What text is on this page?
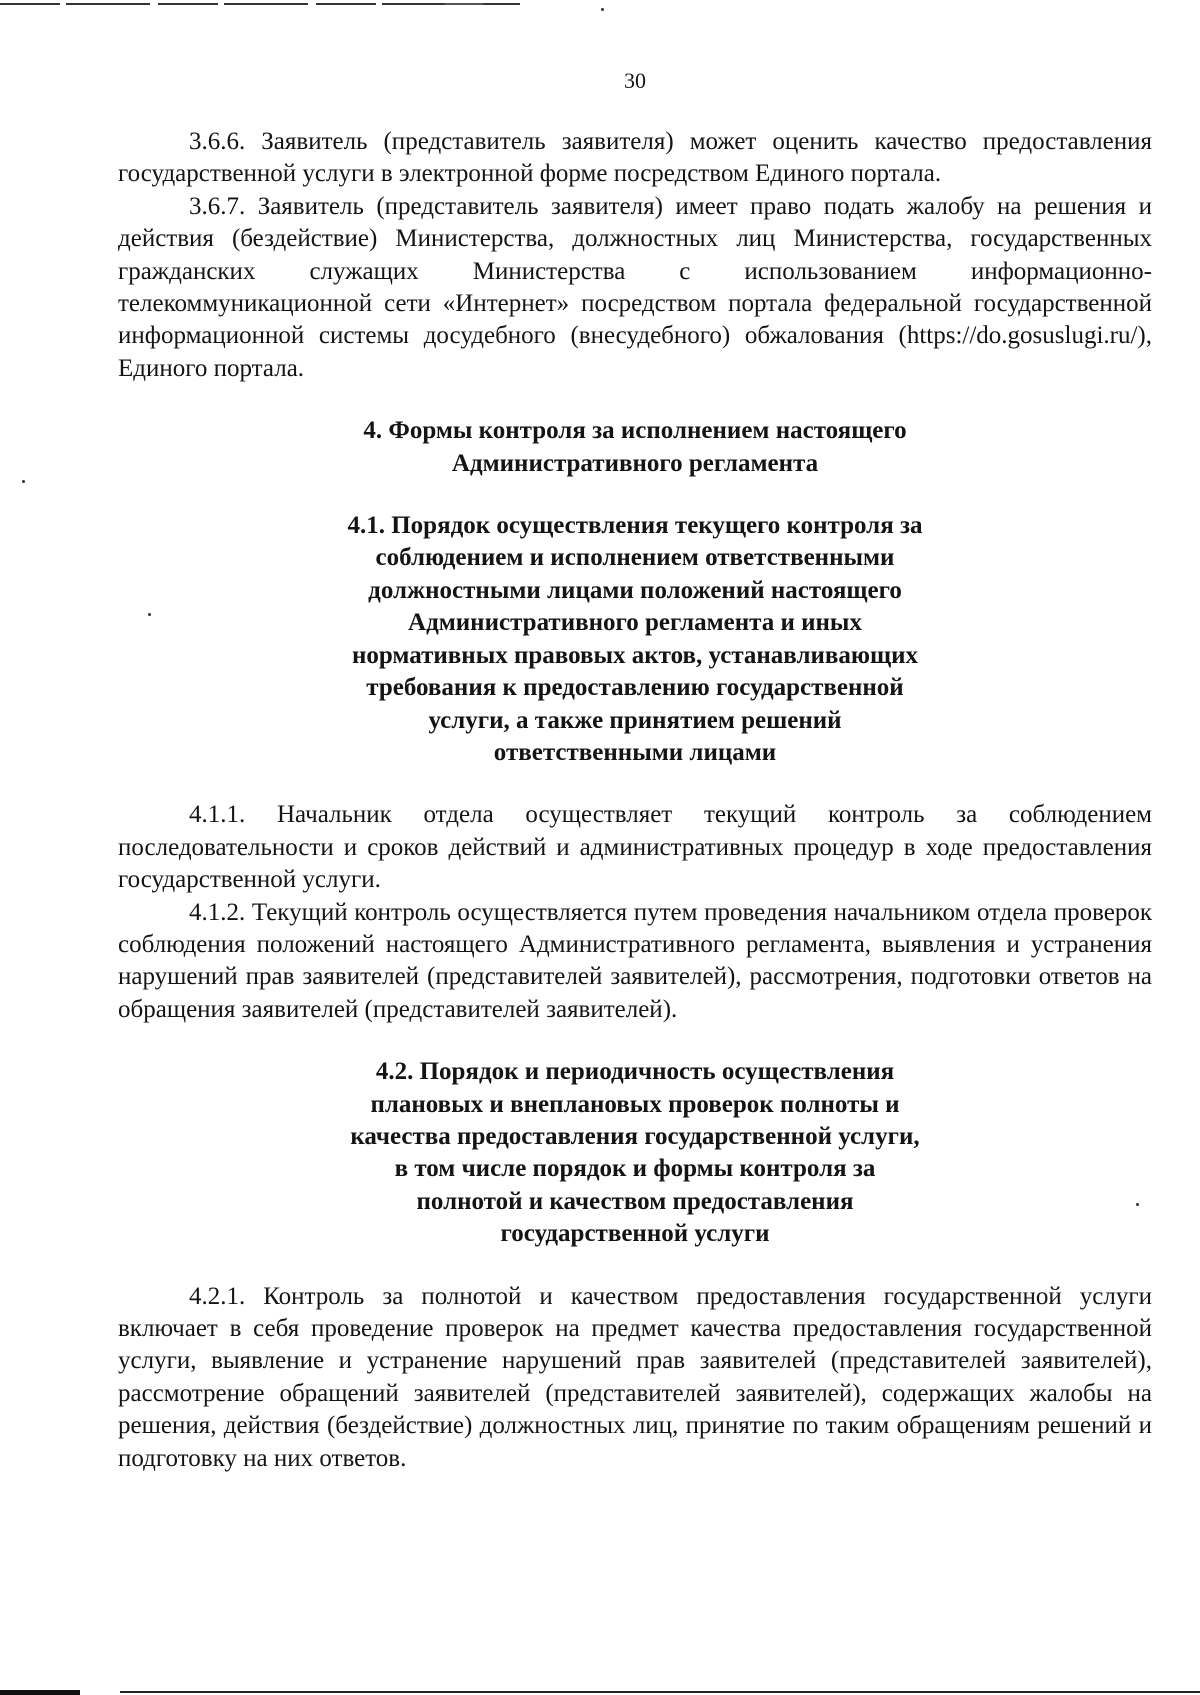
30

3.6.6. Заявитель (представитель заявителя) может оценить качество предоставления государственной услуги в электронной форме посредством Единого портала.

3.6.7. Заявитель (представитель заявителя) имеет право подать жалобу на решения и действия (бездействие) Министерства, должностных лиц Министерства, государственных гражданских служащих Министерства с использованием информационно-телекоммуникационной сети «Интернет» посредством портала федеральной государственной информационной системы досудебного (внесудебного) обжалования (https://do.gosuslugi.ru/), Единого портала.

4. Формы контроля за исполнением настоящего
Административного регламента
4.1. Порядок осуществления текущего контроля за
соблюдением и исполнением ответственными
должностными лицами положений настоящего
Административного регламента и иных
нормативных правовых актов, устанавливающих
требования к предоставлению государственной
услуги, а также принятием решений
ответственными лицами

4.1.1. Начальник отдела осуществляет текущий контроль за соблюдением последовательности и сроков действий и административных процедур в ходе предоставления государственной услуги.

4.1.2. Текущий контроль осуществляется путем проведения начальником отдела проверок соблюдения положений настоящего Административного регламента, выявления и устранения нарушений прав заявителей (представителей заявителей), рассмотрения, подготовки ответов на обращения заявителей (представителей заявителей).

4.2. Порядок и периодичность осуществления
плановых и внеплановых проверок полноты и
качества предоставления государственной услуги,
в том числе порядок и формы контроля за
полнотой и качеством предоставления
государственной услуги

4.2.1. Контроль за полнотой и качеством предоставления государственной услуги включает в себя проведение проверок на предмет качества предоставления государственной услуги, выявление и устранение нарушений прав заявителей (представителей заявителей), рассмотрение обращений заявителей (представителей заявителей), содержащих жалобы на решения, действия (бездействие) должностных лиц, принятие по таким обращениям решений и подготовку на них ответов.
